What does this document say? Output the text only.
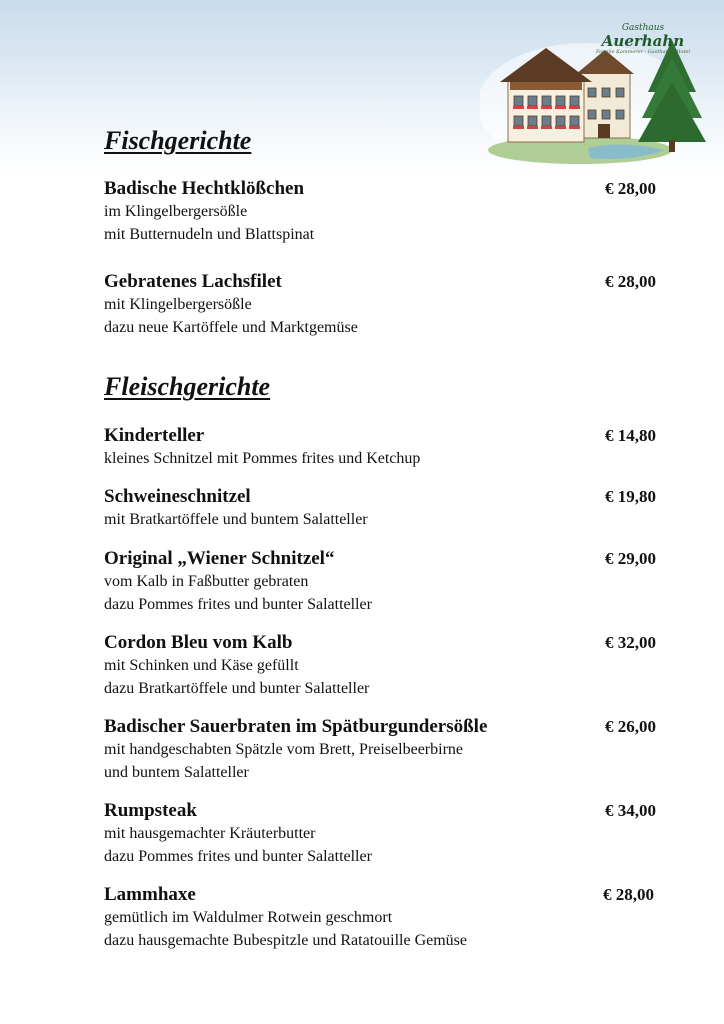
Gasthaus
Auerhahn
Familie Kammerer · Gasthaus · Hotel
Fischgerichte
Badische Hechtklößchen	€ 28,00
im Klingelbergersößle
mit Butternudeln und Blattspinat
Gebratenes Lachsfilet	€ 28,00
mit Klingelbergersößle
dazu neue Kartöffele und Marktgemüse
Fleischgerichte
Kinderteller	€ 14,80
kleines Schnitzel mit Pommes frites und Ketchup
Schweineschnitzel	€ 19,80
mit Bratkartöffele und buntem Salatteller
Original „Wiener Schnitzel“	€ 29,00
vom Kalb in Faßbutter gebraten
dazu Pommes frites und bunter Salatteller
Cordon Bleu vom Kalb	€ 32,00
mit Schinken und Käse gefüllt
dazu Bratkartöffele und bunter Salatteller
Badischer Sauerbraten im Spätburgundersößle	€ 26,00
mit handgeschabten Spätzle vom Brett, Preiselbeerbirne
und buntem Salatteller
Rumpsteak	€ 34,00
mit hausgemachter Kräuterbutter
dazu Pommes frites und bunter Salatteller
Lammhaxe	€ 28,00
gemütlich im Waldulmer Rotwein geschmort
dazu hausgemachte Bubespitzle und Ratatouille Gemüse
